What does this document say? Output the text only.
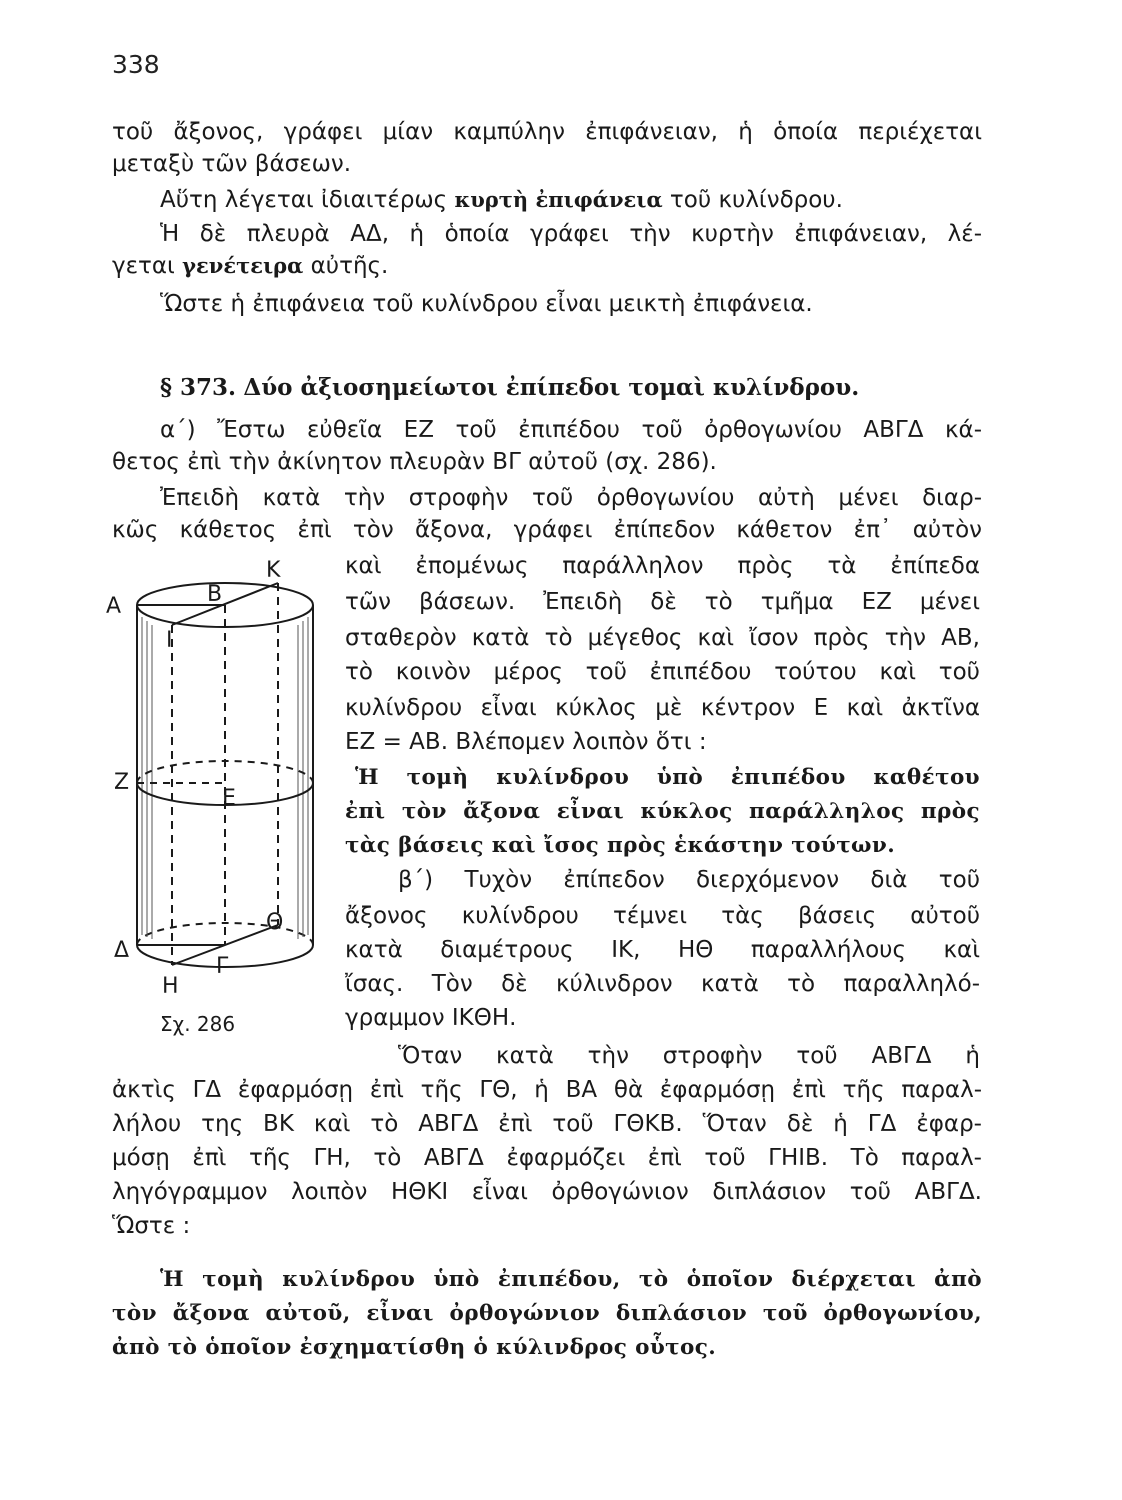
338
τοῦ ἄξονος, γράφει μίαν καμπύλην ἐπιφάνειαν, ἡ ὁποία περιέχεται
μεταξὺ τῶν βάσεων.
Αὕτη λέγεται ἰδιαιτέρως κυρτὴ ἐπιφάνεια τοῦ κυλίνδρου.
Ἡ δὲ πλευρὰ ΑΔ, ἡ ὁποία γράφει τὴν κυρτὴν ἐπιφάνειαν, λέ-
γεται γενέτειρα αὐτῆς.
Ὥστε ἡ ἐπιφάνεια τοῦ κυλίνδρου εἶναι μεικτὴ ἐπιφάνεια.
§ 373. Δύο ἀξιοσημείωτοι ἐπίπεδοι τομαὶ κυλίνδρου.
α΄) Ἔστω εὐθεῖα ΕΖ τοῦ ἐπιπέδου τοῦ ὀρθογωνίου ΑΒΓΔ κά-
θετος ἐπὶ τὴν ἀκίνητον πλευρὰν ΒΓ αὐτοῦ (σχ. 286).
Ἐπειδὴ κατὰ τὴν στροφὴν τοῦ ὀρθογωνίου αὐτὴ μένει διαρ-
κῶς κάθετος ἐπὶ τὸν ἄξονα, γράφει ἐπίπεδον κάθετον ἐπ᾽ αὐτὸν
καὶ ἐπομένως παράλληλον πρὸς τὰ ἐπίπεδα
τῶν βάσεων. Ἐπειδὴ δὲ τὸ τμῆμα ΕΖ μένει
σταθερὸν κατὰ τὸ μέγεθος καὶ ἴσον πρὸς τὴν ΑΒ,
τὸ κοινὸν μέρος τοῦ ἐπιπέδου τούτου καὶ τοῦ
κυλίνδρου εἶναι κύκλος μὲ κέντρον Ε καὶ ἀκτῖνα
ΕΖ = ΑΒ. Βλέπομεν λοιπὸν ὅτι :
Ἡ τομὴ κυλίνδρου ὑπὸ ἐπιπέδου καθέτου
ἐπὶ τὸν ἄξονα εἶναι κύκλος παράλληλος πρὸς
τὰς βάσεις καὶ ἴσος πρὸς ἑκάστην τούτων.
β΄) Τυχὸν ἐπίπεδον διερχόμενον διὰ τοῦ
ἄξονος κυλίνδρου τέμνει τὰς βάσεις αὐτοῦ
κατὰ διαμέτρους ΙΚ, ΗΘ παραλλήλους καὶ
ἴσας. Τὸν δὲ κύλινδρον κατὰ τὸ παραλληλό-
γραμμον ΙΚΘΗ.
Ὅταν κατὰ τὴν στροφὴν τοῦ ΑΒΓΔ ἡ
ἀκτὶς ΓΔ ἐφαρμόσῃ ἐπὶ τῆς ΓΘ, ἡ ΒΑ θὰ ἐφαρμόσῃ ἐπὶ τῆς παραλ-
λήλου της ΒΚ καὶ τὸ ΑΒΓΔ ἐπὶ τοῦ ΓΘΚΒ. Ὅταν δὲ ἡ ΓΔ ἐφαρ-
μόσῃ ἐπὶ τῆς ΓΗ, τὸ ΑΒΓΔ ἐφαρμόζει ἐπὶ τοῦ ΓΗΙΒ. Τὸ παραλ-
ληγόγραμμον λοιπὸν ΗΘΚΙ εἶναι ὀρθογώνιον διπλάσιον τοῦ ΑΒΓΔ.
Ὥστε :
Ἡ τομὴ κυλίνδρου ὑπὸ ἐπιπέδου, τὸ ὁποῖον διέρχεται ἀπὸ
τὸν ἄξονα αὐτοῦ, εἶναι ὀρθογώνιον διπλάσιον τοῦ ὀρθογωνίου,
ἀπὸ τὸ ὁποῖον ἐσχηματίσθη ὁ κύλινδρος οὗτος.
Α	Β
Κ
Ι
Ζ
Ε
Δ
Γ
Η
Θ
Σχ. 286
